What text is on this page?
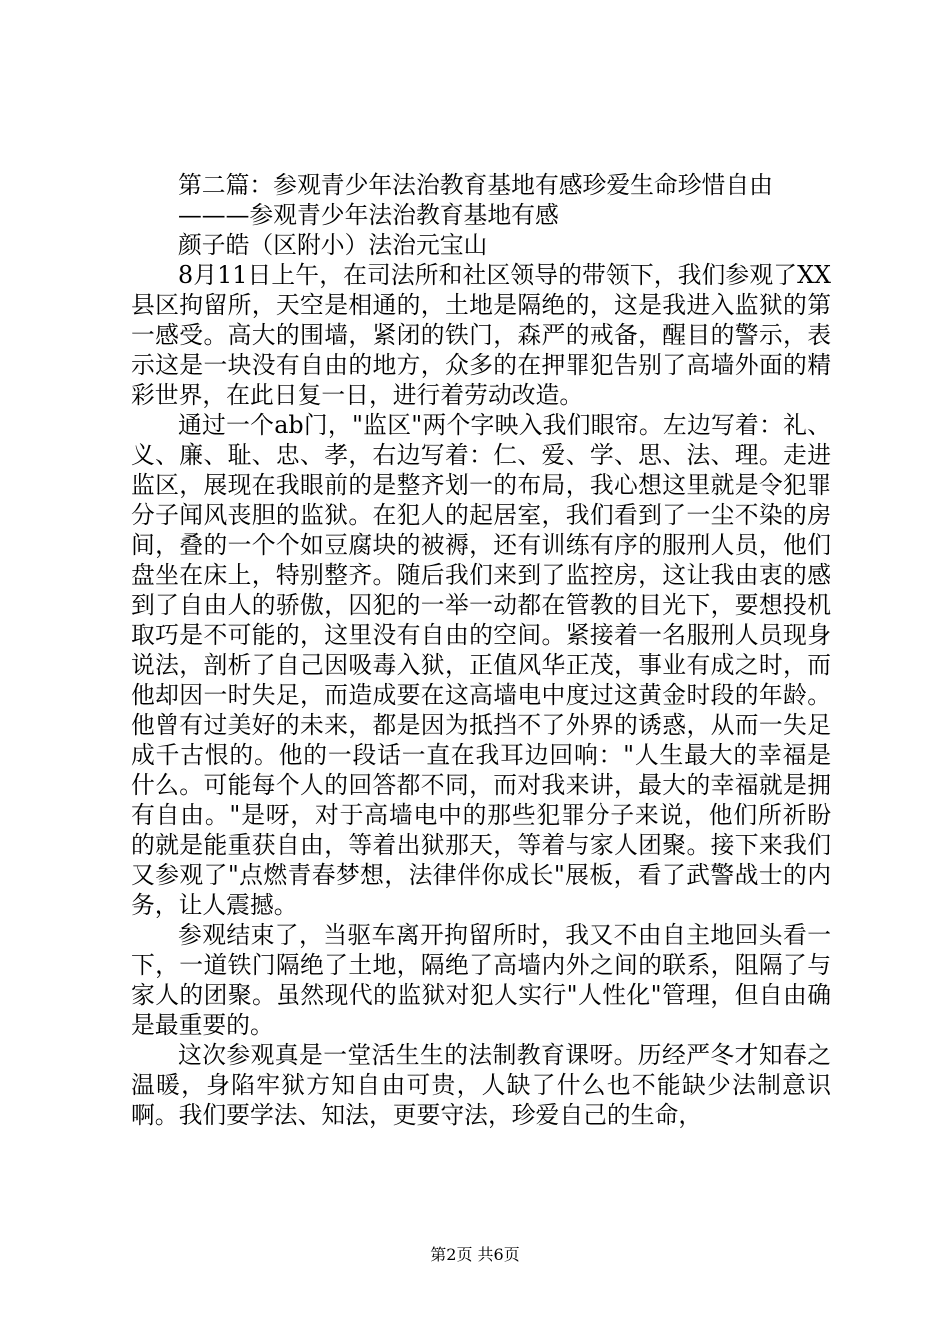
第二篇：参观青少年法治教育基地有感珍爱生命珍惜自由

———参观青少年法治教育基地有感

颜子皓（区附小）法治元宝山

8月11日上午，在司法所和社区领导的带领下，我们参观了XX县区拘留所，天空是相通的，土地是隔绝的，这是我进入监狱的第一感受。高大的围墙，紧闭的铁门，森严的戒备，醒目的警示，表示这是一块没有自由的地方，众多的在押罪犯告别了高墙外面的精彩世界，在此日复一日，进行着劳动改造。

通过一个ab门，"监区"两个字映入我们眼帘。左边写着：礼、义、廉、耻、忠、孝，右边写着：仁、爱、学、思、法、理。走进监区，展现在我眼前的是整齐划一的布局，我心想这里就是令犯罪分子闻风丧胆的监狱。在犯人的起居室，我们看到了一尘不染的房间，叠的一个个如豆腐块的被褥，还有训练有序的服刑人员，他们盘坐在床上，特别整齐。随后我们来到了监控房，这让我由衷的感到了自由人的骄傲，囚犯的一举一动都在管教的目光下，要想投机取巧是不可能的，这里没有自由的空间。紧接着一名服刑人员现身说法，剖析了自己因吸毒入狱，正值风华正茂，事业有成之时，而他却因一时失足，而造成要在这高墙电中度过这黄金时段的年龄。他曾有过美好的未来，都是因为抵挡不了外界的诱惑，从而一失足成千古恨的。他的一段话一直在我耳边回响："人生最大的幸福是什么。可能每个人的回答都不同，而对我来讲，最大的幸福就是拥有自由。"是呀，对于高墙电中的那些犯罪分子来说，他们所祈盼的就是能重获自由，等着出狱那天，等着与家人团聚。接下来我们又参观了"点燃青春梦想，法律伴你成长"展板，看了武警战士的内务，让人震撼。

参观结束了，当驱车离开拘留所时，我又不由自主地回头看一下，一道铁门隔绝了土地，隔绝了高墙内外之间的联系，阻隔了与家人的团聚。虽然现代的监狱对犯人实行"人性化"管理，但自由确是最重要的。

这次参观真是一堂活生生的法制教育课呀。历经严冬才知春之温暖，身陷牢狱方知自由可贵，人缺了什么也不能缺少法制意识啊。我们要学法、知法，更要守法，珍爱自己的生命，

第2页 共6页
